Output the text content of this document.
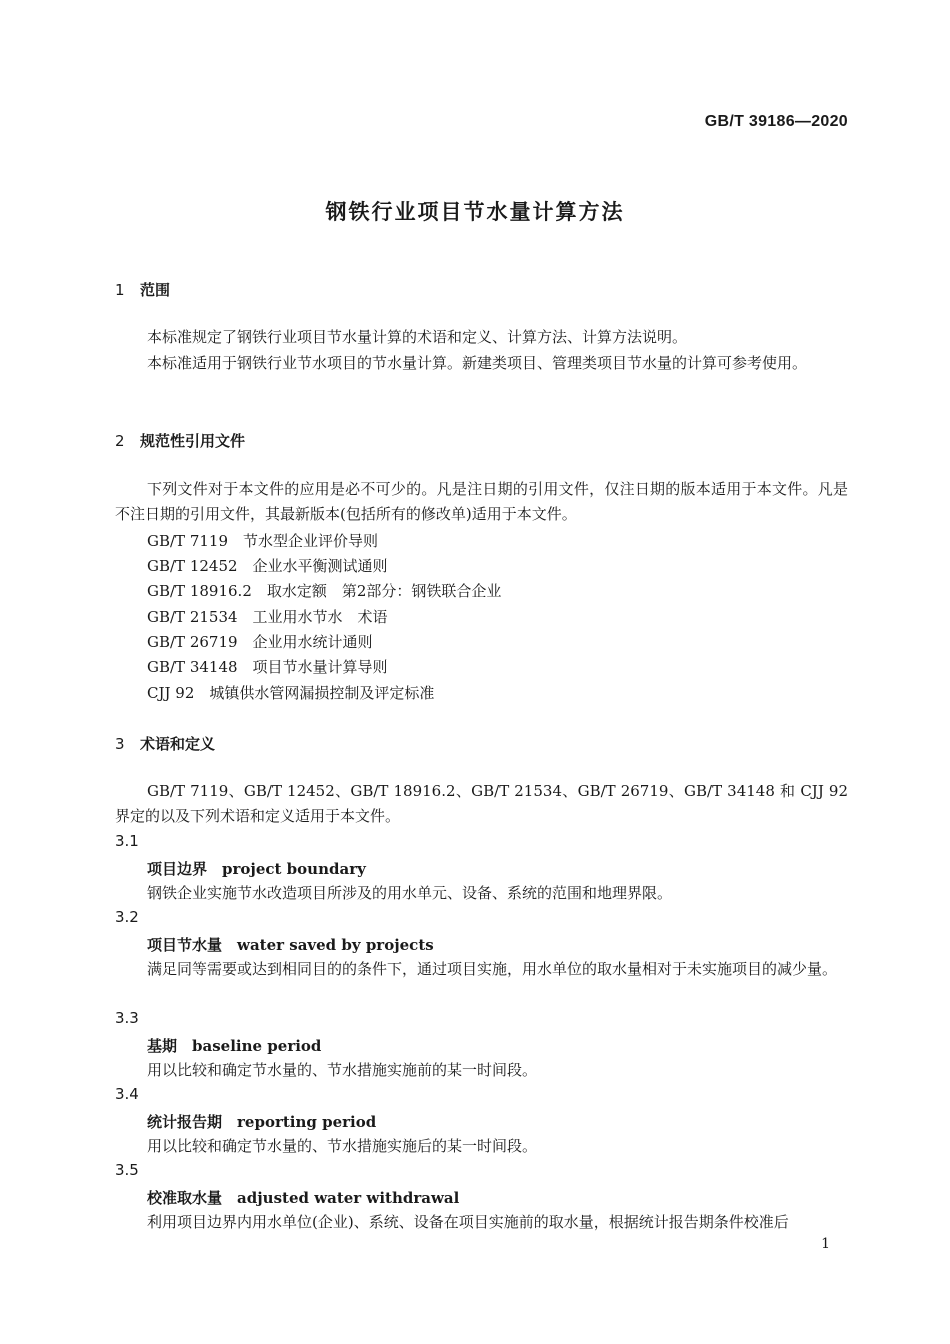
GB/T 39186—2020
钢铁行业项目节水量计算方法
1 范围
本标准规定了钢铁行业项目节水量计算的术语和定义、计算方法、计算方法说明。
本标准适用于钢铁行业节水项目的节水量计算。新建类项目、管理类项目节水量的计算可参考使用。
2 规范性引用文件
下列文件对于本文件的应用是必不可少的。凡是注日期的引用文件，仅注日期的版本适用于本文件。凡是不注日期的引用文件，其最新版本(包括所有的修改单)适用于本文件。
GB/T 7119　节水型企业评价导则
GB/T 12452　企业水平衡测试通则
GB/T 18916.2　取水定额　第2部分：钢铁联合企业
GB/T 21534　工业用水节水　术语
GB/T 26719　企业用水统计通则
GB/T 34148　项目节水量计算导则
CJJ 92　城镇供水管网漏损控制及评定标准
3 术语和定义
GB/T 7119、GB/T 12452、GB/T 18916.2、GB/T 21534、GB/T 26719、GB/T 34148 和 CJJ 92 界定的以及下列术语和定义适用于本文件。
3.1
项目边界　 project boundary
钢铁企业实施节水改造项目所涉及的用水单元、设备、系统的范围和地理界限。
3.2
项目节水量　 water saved by projects
满足同等需要或达到相同目的的条件下，通过项目实施，用水单位的取水量相对于未实施项目的减少量。
3.3
基期　 baseline period
用以比较和确定节水量的、节水措施实施前的某一时间段。
3.4
统计报告期　 reporting period
用以比较和确定节水量的、节水措施实施后的某一时间段。
3.5
校准取水量　 adjusted water withdrawal
利用项目边界内用水单位(企业)、系统、设备在项目实施前的取水量，根据统计报告期条件校准后
1
